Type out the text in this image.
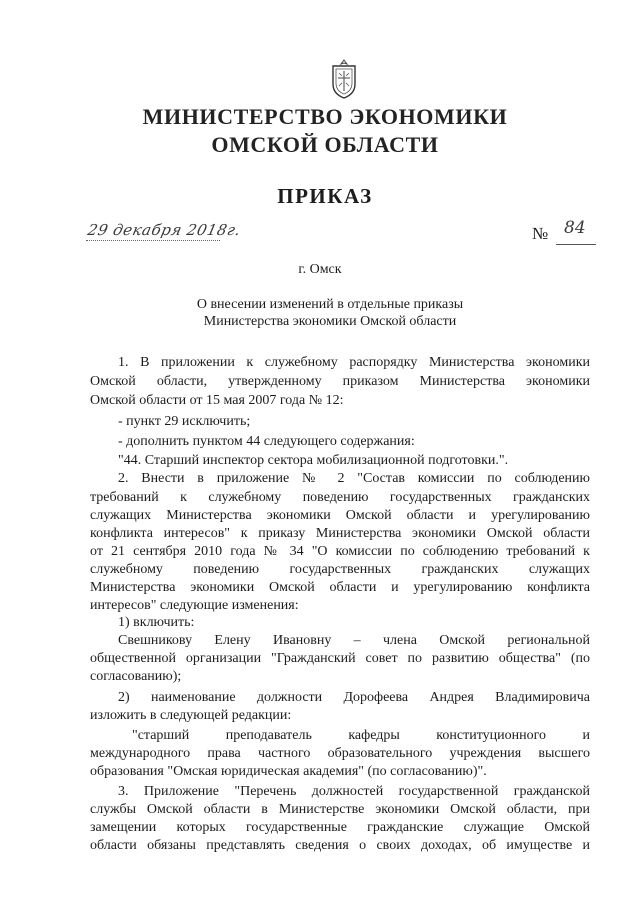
МИНИСТЕРСТВО ЭКОНОМИКИ
ОМСКОЙ ОБЛАСТИ
ПРИКАЗ
29 декабря 2018г.	№ 84
г. Омск
О внесении изменений в отдельные приказы
Министерства экономики Омской области
1. В приложении к служебному распорядку Министерства экономики
Омской области, утвержденному приказом Министерства экономики
Омской области от 15 мая 2007 года № 12:
- пункт 29 исключить;
- дополнить пунктом 44 следующего содержания:
"44. Старший инспектор сектора мобилизационной подготовки.".
2. Внести в приложение № 2 "Состав комиссии по соблюдению
требований к служебному поведению государственных гражданских
служащих Министерства экономики Омской области и урегулированию
конфликта интересов" к приказу Министерства экономики Омской области
от 21 сентября 2010 года № 34 "О комиссии по соблюдению требований к
служебному поведению государственных гражданских служащих
Министерства экономики Омской области и урегулированию конфликта
интересов" следующие изменения:
1) включить:
Свешникову Елену Ивановну – члена Омской региональной
общественной организации "Гражданский совет по развитию общества" (по
согласованию);
2) наименование должности Дорофеева Андрея Владимировича
изложить в следующей редакции:
"старший преподаватель кафедры конституционного и
международного права частного образовательного учреждения высшего
образования "Омская юридическая академия" (по согласованию)".
3. Приложение "Перечень должностей государственной гражданской
службы Омской области в Министерстве экономики Омской области, при
замещении которых государственные гражданские служащие Омской
области обязаны представлять сведения о своих доходах, об имуществе и
